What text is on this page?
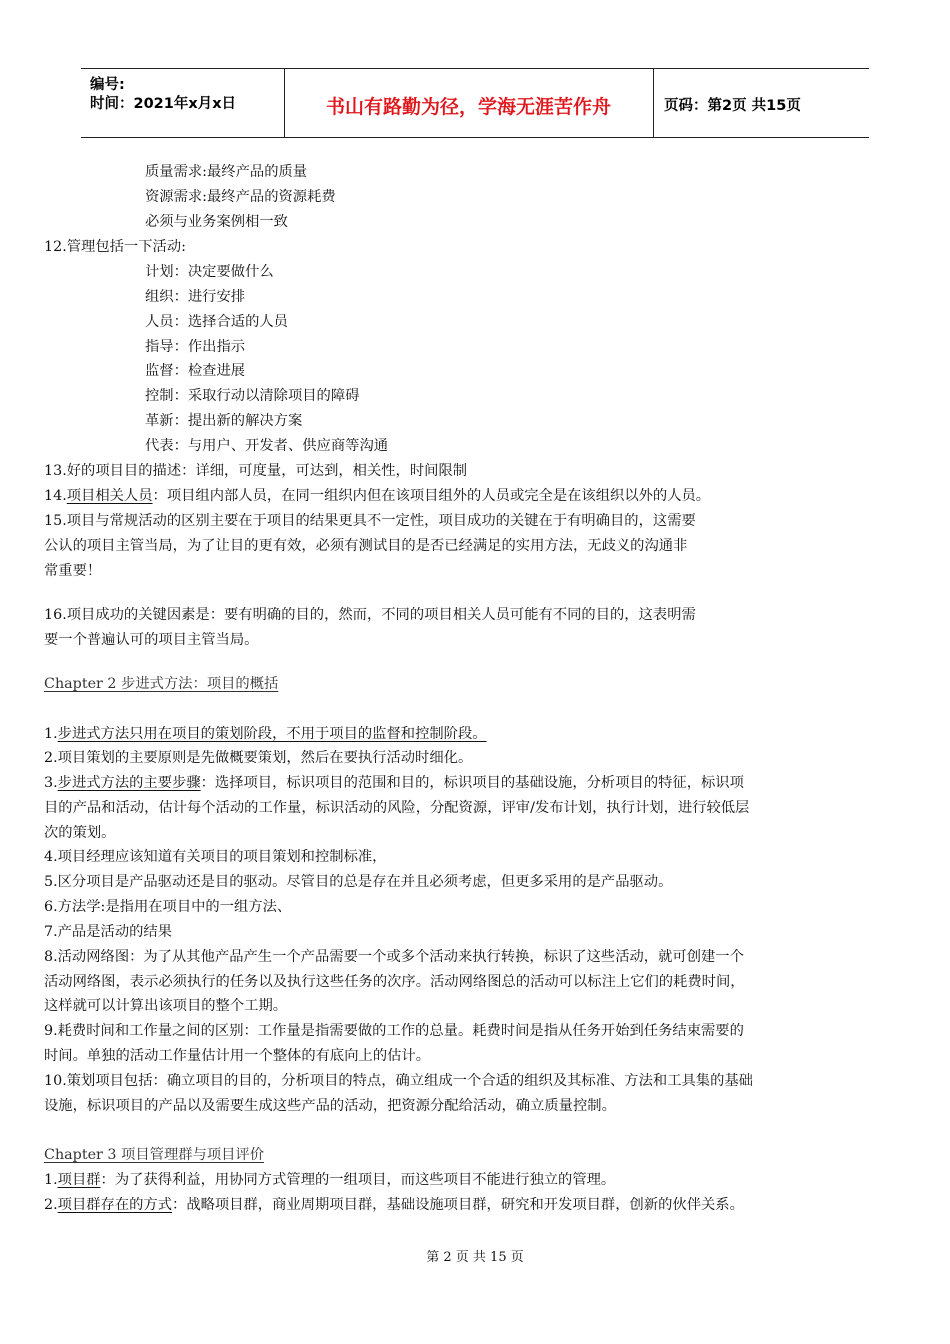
编号:
时间：2021年x月x日	书山有路勤为径，学海无涯苦作舟	页码：第2页 共15页
质量需求:最终产品的质量
资源需求:最终产品的资源耗费
必须与业务案例相一致
12.管理包括一下活动:
计划：决定要做什么
组织：进行安排
人员：选择合适的人员
指导：作出指示
监督：检查进展
控制：采取行动以清除项目的障碍
革新：提出新的解决方案
代表：与用户、开发者、供应商等沟通
13.好的项目目的描述：详细，可度量，可达到，相关性，时间限制
14.项目相关人员：项目组内部人员，在同一组织内但在该项目组外的人员或完全是在该组织以外的人员。
15.项目与常规活动的区别主要在于项目的结果更具不一定性，项目成功的关键在于有明确目的，这需要
公认的项目主管当局，为了让目的更有效，必须有测试目的是否已经满足的实用方法，无歧义的沟通非
常重要！
16.项目成功的关键因素是：要有明确的目的，然而，不同的项目相关人员可能有不同的目的，这表明需
要一个普遍认可的项目主管当局。
Chapter 2 步进式方法：项目的概括
1.步进式方法只用在项目的策划阶段，不用于项目的监督和控制阶段。
2.项目策划的主要原则是先做概要策划，然后在要执行活动时细化。
3.步进式方法的主要步骤：选择项目，标识项目的范围和目的，标识项目的基础设施，分析项目的特征，标识项
目的产品和活动，估计每个活动的工作量，标识活动的风险，分配资源，评审/发布计划，执行计划，进行较低层
次的策划。
4.项目经理应该知道有关项目的项目策划和控制标准，
5.区分项目是产品驱动还是目的驱动。尽管目的总是存在并且必须考虑，但更多采用的是产品驱动。
6.方法学:是指用在项目中的一组方法、
7.产品是活动的结果
8.活动网络图：为了从其他产品产生一个产品需要一个或多个活动来执行转换，标识了这些活动，就可创建一个
活动网络图，表示必须执行的任务以及执行这些任务的次序。活动网络图总的活动可以标注上它们的耗费时间，
这样就可以计算出该项目的整个工期。
9.耗费时间和工作量之间的区别：工作量是指需要做的工作的总量。耗费时间是指从任务开始到任务结束需要的
时间。单独的活动工作量估计用一个整体的有底向上的估计。
10.策划项目包括：确立项目的目的，分析项目的特点，确立组成一个合适的组织及其标准、方法和工具集的基础
设施，标识项目的产品以及需要生成这些产品的活动，把资源分配给活动，确立质量控制。
Chapter 3 项目管理群与项目评价
1.项目群：为了获得利益，用协同方式管理的一组项目，而这些项目不能进行独立的管理。
2.项目群存在的方式：战略项目群，商业周期项目群，基础设施项目群，研究和开发项目群，创新的伙伴关系。
第 2 页 共 15 页
